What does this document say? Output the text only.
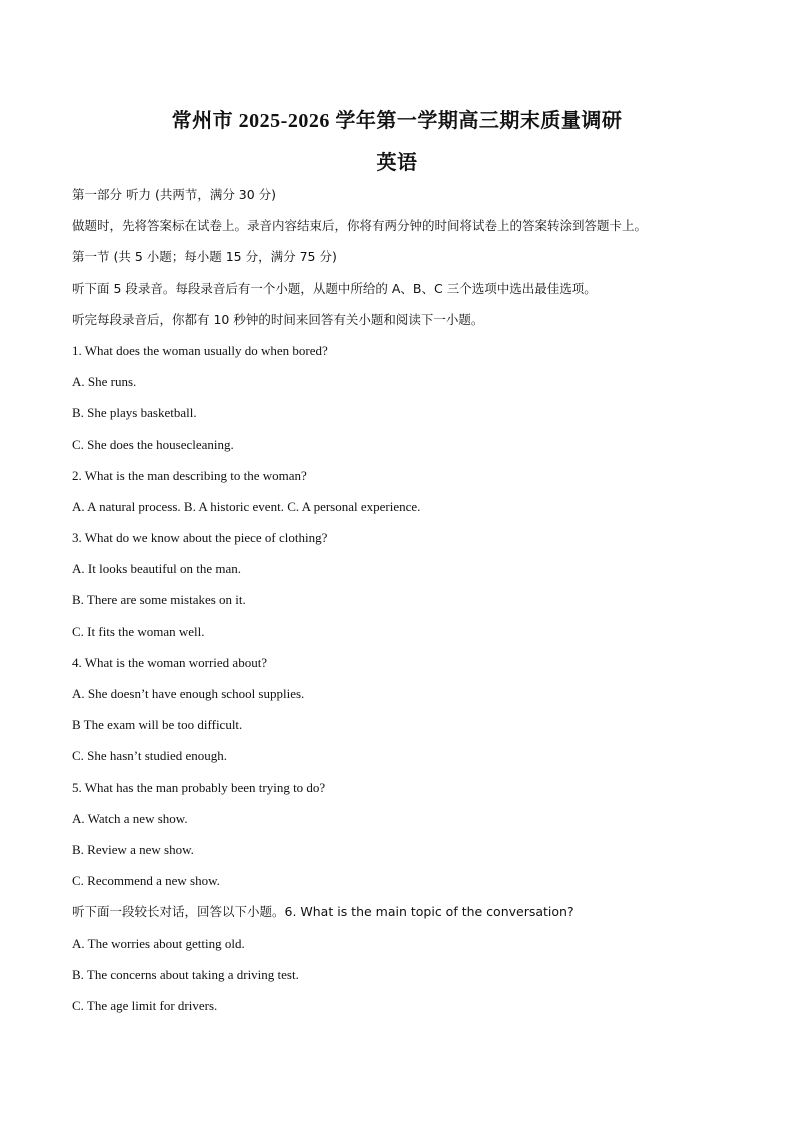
常州市 2025-2026 学年第一学期高三期末质量调研
英语
第一部分 听力 (共两节，满分 30 分)
做题时，先将答案标在试卷上。录音内容结束后，你将有两分钟的时间将试卷上的答案转涂到答题卡上。
第一节 (共 5 小题；每小题 15 分，满分 75 分)
听下面 5 段录音。每段录音后有一个小题，从题中所给的 A、B、C 三个选项中选出最佳选项。
听完每段录音后，你都有 10 秒钟的时间来回答有关小题和阅读下一小题。
1. What does the woman usually do when bored?
A. She runs.
B. She plays basketball.
C. She does the housecleaning.
2. What is the man describing to the woman?
A. A natural process. B. A historic event. C. A personal experience.
3. What do we know about the piece of clothing?
A. It looks beautiful on the man.
B. There are some mistakes on it.
C. It fits the woman well.
4. What is the woman worried about?
A. She doesn’t have enough school supplies.
B The exam will be too difficult.
C. She hasn’t studied enough.
5. What has the man probably been trying to do?
A. Watch a new show.
B. Review a new show.
C. Recommend a new show.
听下面一段较长对话，回答以下小题。6. What is the main topic of the conversation?
A. The worries about getting old.
B. The concerns about taking a driving test.
C. The age limit for drivers.
